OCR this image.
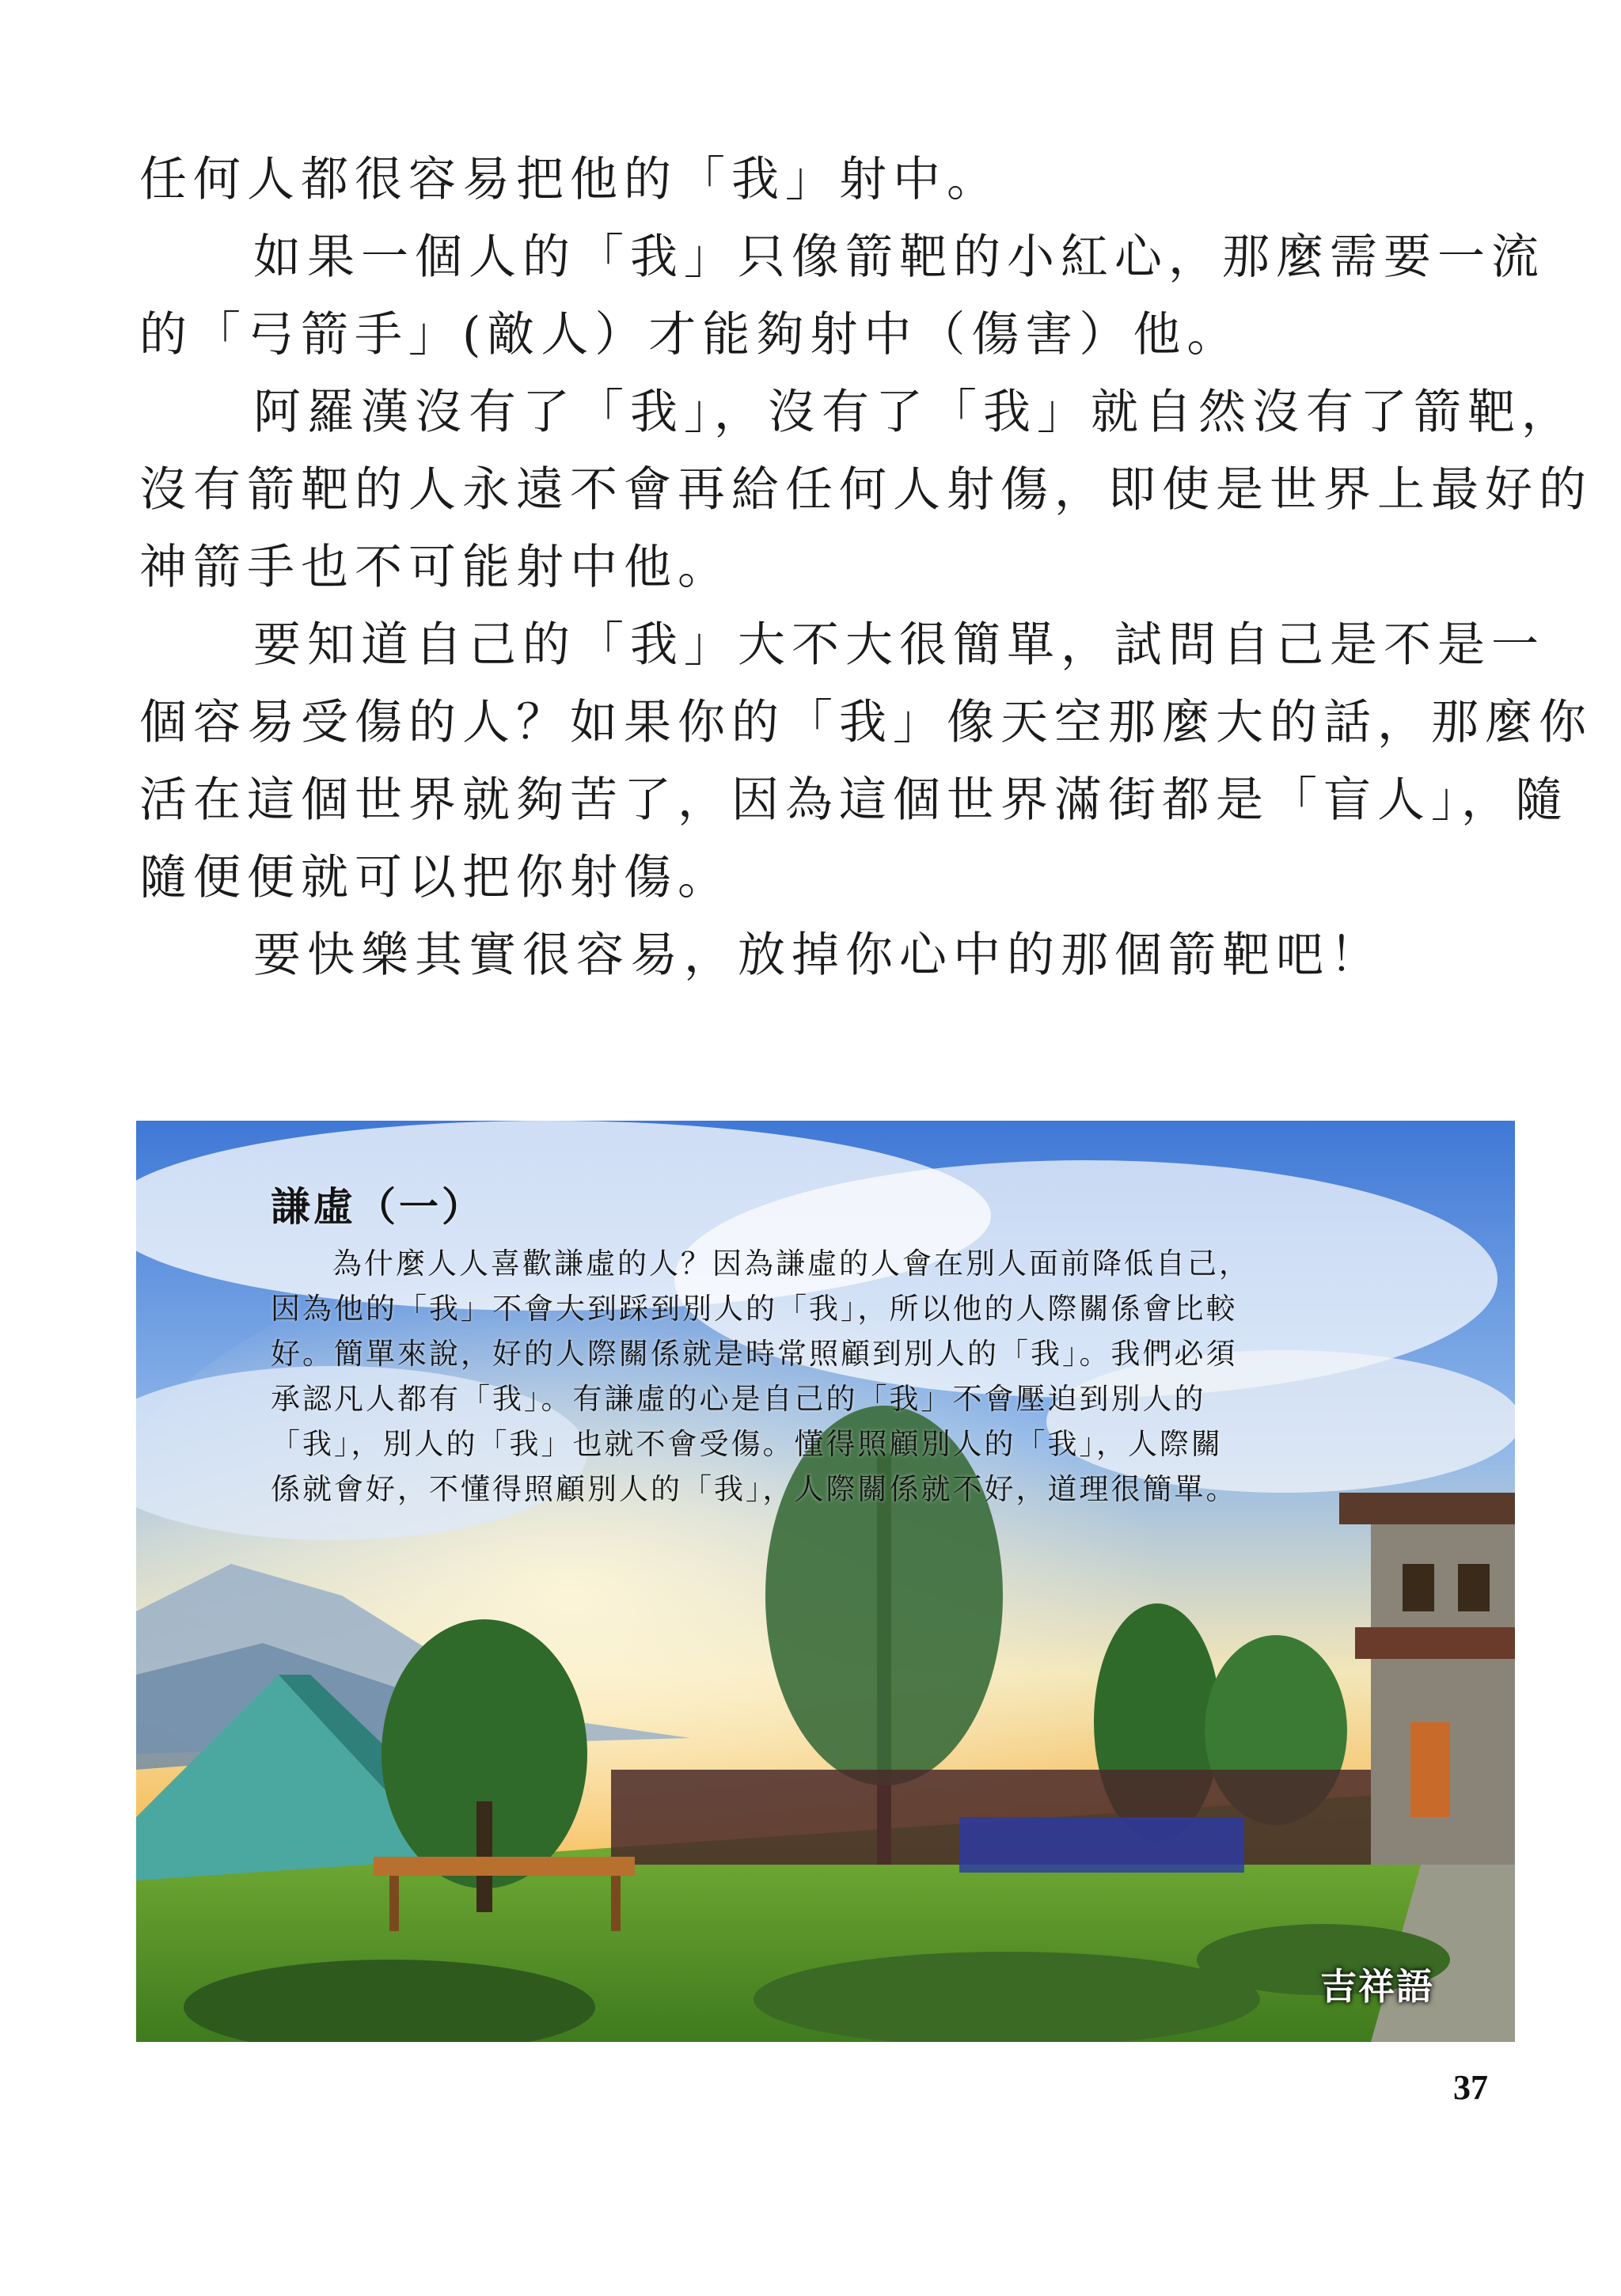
任何人都很容易把他的「我」射中。
如果一個人的「我」只像箭靶的小紅心，那麼需要一流
的「弓箭手」(敵人）才能夠射中（傷害）他。
阿羅漢沒有了「我」，沒有了「我」就自然沒有了箭靶，
沒有箭靶的人永遠不會再給任何人射傷，即使是世界上最好的
神箭手也不可能射中他。
要知道自己的「我」大不大很簡單，試問自己是不是一
個容易受傷的人？如果你的「我」像天空那麼大的話，那麼你
活在這個世界就夠苦了，因為這個世界滿街都是「盲人」，隨
隨便便就可以把你射傷。
要快樂其實很容易，放掉你心中的那個箭靶吧！
謙虛（一）
為什麼人人喜歡謙虛的人？因為謙虛的人會在別人面前降低自己，
因為他的「我」不會大到踩到別人的「我」，所以他的人際關係會比較
好。簡單來說，好的人際關係就是時常照顧到別人的「我」。我們必須
承認凡人都有「我」。有謙虛的心是自己的「我」不會壓迫到別人的
「我」，別人的「我」也就不會受傷。懂得照顧別人的「我」，人際關
係就會好，不懂得照顧別人的「我」，人際關係就不好，道理很簡單。
吉祥語
37
